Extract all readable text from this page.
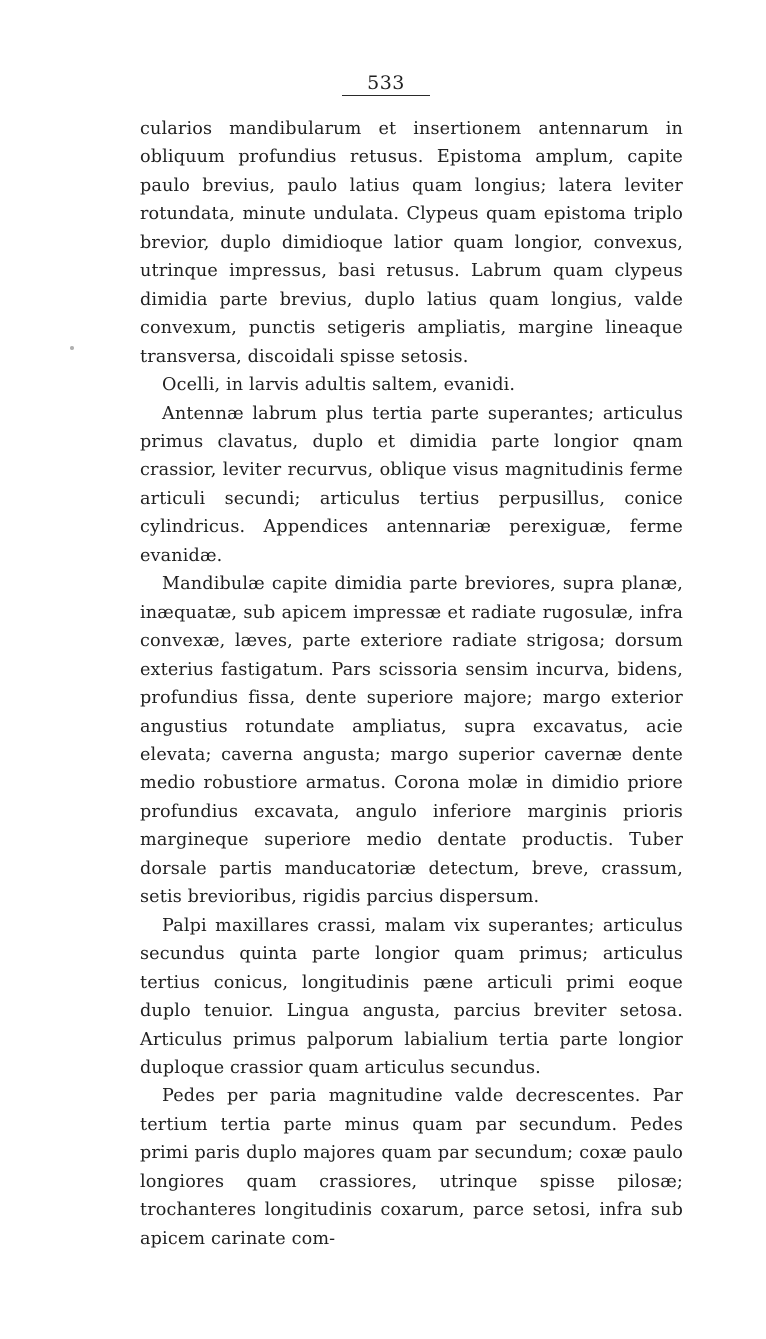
533

cularios mandibularum et insertionem antennarum in obliquum profundius retusus. Epistoma amplum, capite paulo brevius, paulo latius quam longius; latera leviter rotundata, minute undulata. Clypeus quam epistoma triplo brevior, duplo dimidioque latior quam longior, convexus, utrinque impressus, basi retusus. Labrum quam clypeus dimidia parte brevius, duplo latius quam longius, valde convexum, punctis setigeris ampliatis, margine lineaque transversa, discoidali spisse setosis.

Ocelli, in larvis adultis saltem, evanidi.

Antennæ labrum plus tertia parte superantes; articulus primus clavatus, duplo et dimidia parte longior qnam crassior, leviter recurvus, oblique visus magnitudinis ferme articuli secundi; articulus tertius perpusillus, conice cylindricus. Appendices antennariæ perexiguæ, ferme evanidæ.

Mandibulæ capite dimidia parte breviores, supra planæ, inæquatæ, sub apicem impressæ et radiate rugosulæ, infra convexæ, læves, parte exteriore radiate strigosa; dorsum exterius fastigatum. Pars scissoria sensim incurva, bidens, profundius fissa, dente superiore majore; margo exterior angustius rotundate ampliatus, supra excavatus, acie elevata; caverna angusta; margo superior cavernæ dente medio robustiore armatus. Corona molæ in dimidio priore profundius excavata, angulo inferiore marginis prioris margineque superiore medio dentate productis. Tuber dorsale partis manducatoriæ detectum, breve, crassum, setis brevioribus, rigidis parcius dispersum.

Palpi maxillares crassi, malam vix superantes; articulus secundus quinta parte longior quam primus; articulus tertius conicus, longitudinis pæne articuli primi eoque duplo tenuior. Lingua angusta, parcius breviter setosa. Articulus primus palporum labialium tertia parte longior duploque crassior quam articulus secundus.

Pedes per paria magnitudine valde decrescentes. Par tertium tertia parte minus quam par secundum. Pedes primi paris duplo majores quam par secundum; coxæ paulo longiores quam crassiores, utrinque spisse pilosæ; trochanteres longitudinis coxarum, parce setosi, infra sub apicem carinate com-
